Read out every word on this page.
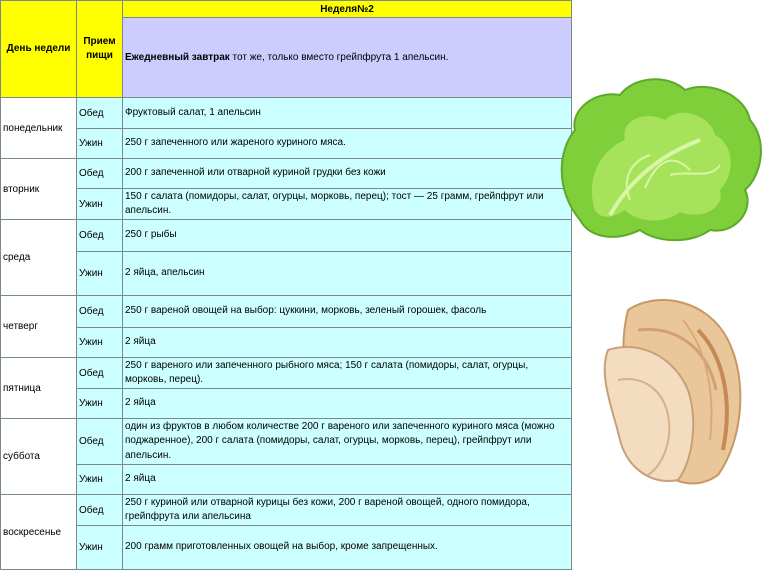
День недели	Прием пищи	Неделя№2
		Ежедневный завтрак тот же, только вместо грейпфрута 1 апельсин.
понедельник	Обед	Фруктовый салат, 1 апельсин
	Ужин	250 г запеченного или жареного куриного мяса.
вторник	Обед	200 г запеченной или отварной куриной грудки без кожи
	Ужин	150 г салата (помидоры, салат, огурцы, морковь, перец); тост — 25 грамм, грейпфрут или апельсин.
среда	Обед	250 г рыбы
	Ужин	2 яйца, апельсин
четверг	Обед	250 г вареной овощей на выбор: цуккини, морковь, зеленый горошек, фасоль
	Ужин	2 яйца
пятница	Обед	250 г вареного или запеченного рыбного мяса; 150 г салата (помидоры, салат, огурцы, морковь, перец).
	Ужин	2 яйца
суббота	Обед	один из фруктов в любом количестве 200 г вареного или запеченного куриного мяса (можно поджаренное), 200 г салата (помидоры, салат, огурцы, морковь, перец), грейпфрут или апельсин.
	Ужин	2 яйца
воскресенье	Обед	250 г куриной или отварной курицы без кожи, 200 г вареной овощей, одного помидора, грейпфрута или апельсина
	Ужин	200 грамм приготовленных овощей на выбор, кроме запрещенных.
